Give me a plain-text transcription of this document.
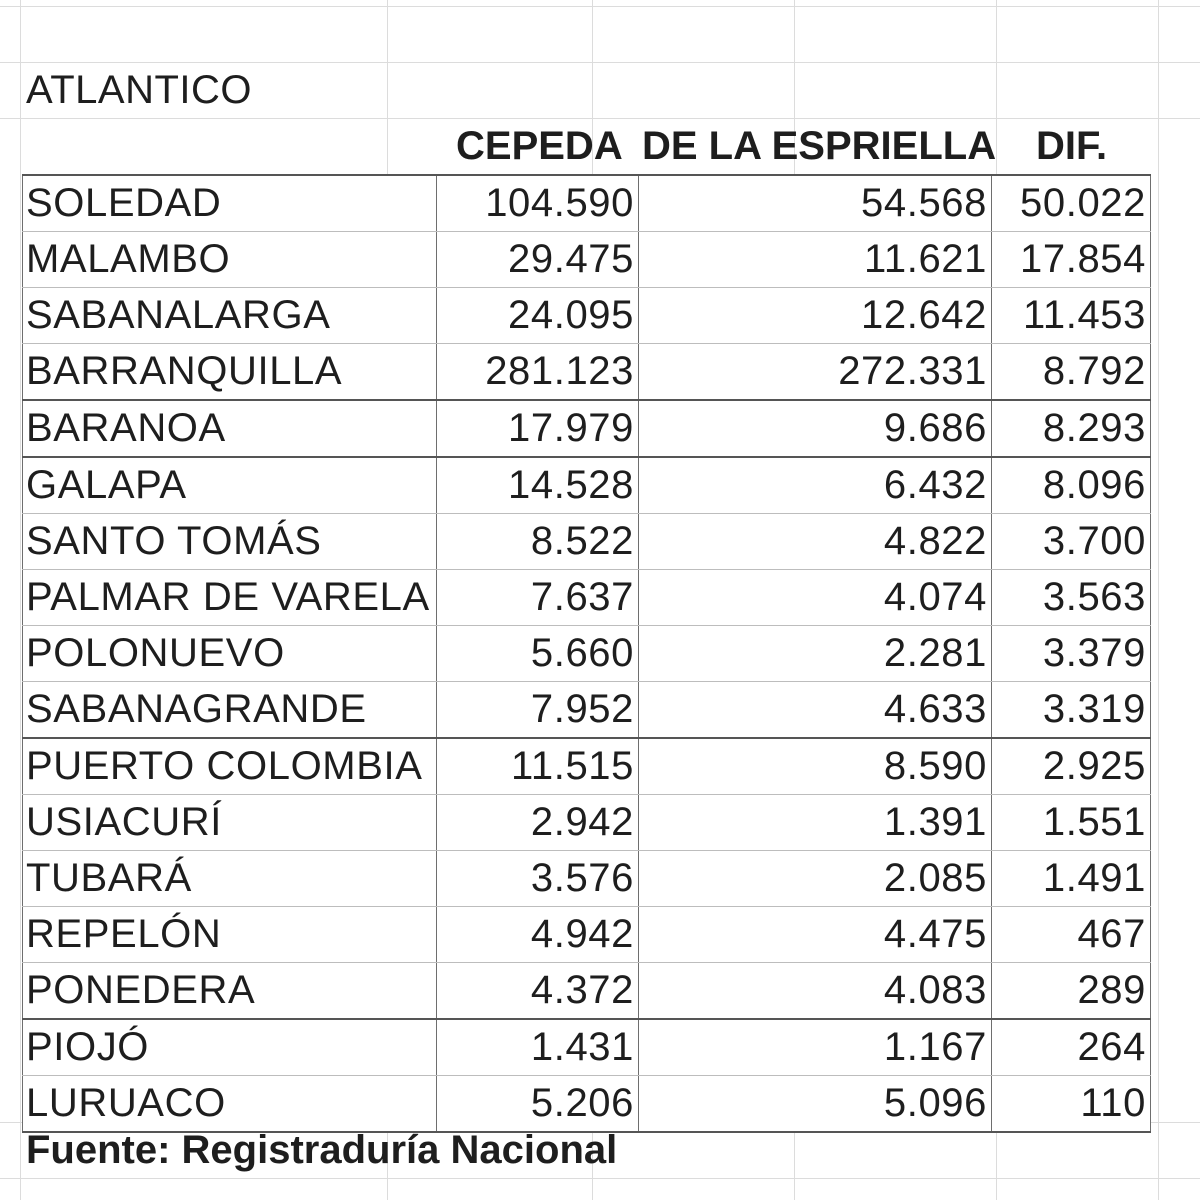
ATLANTICO
CEPEDA DE LA ESPRIELLA DIF.
SOLEDAD	104.590	54.568	50.022
MALAMBO	29.475	11.621	17.854
SABANALARGA	24.095	12.642	11.453
BARRANQUILLA	281.123	272.331	8.792
BARANOA	17.979	9.686	8.293
GALAPA	14.528	6.432	8.096
SANTO TOMÁS	8.522	4.822	3.700
PALMAR DE VARELA	7.637	4.074	3.563
POLONUEVO	5.660	2.281	3.379
SABANAGRANDE	7.952	4.633	3.319
PUERTO COLOMBIA	11.515	8.590	2.925
USIACURÍ	2.942	1.391	1.551
TUBARÁ	3.576	2.085	1.491
REPELÓN	4.942	4.475	467
PONEDERA	4.372	4.083	289
PIOJÓ	1.431	1.167	264
LURUACO	5.206	5.096	110
Fuente: Registraduría Nacional
